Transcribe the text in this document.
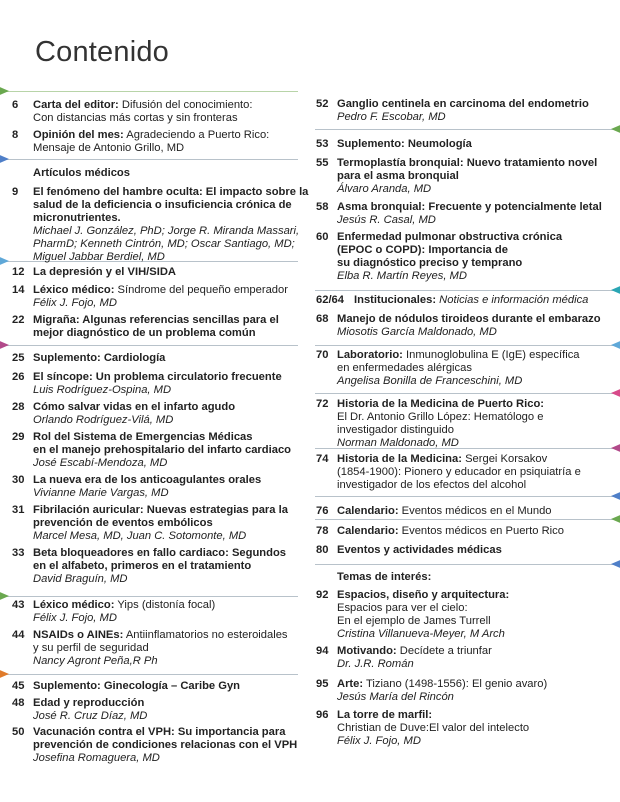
Contenido
6 Carta del editor: Difusión del conocimiento:
Con distancias más cortas y sin fronteras
8 Opinión del mes: Agradeciendo a Puerto Rico:
Mensaje de Antonio Grillo, MD
Artículos médicos
9 El fenómeno del hambre oculta: El impacto sobre la
salud de la deficiencia o insuficiencia crónica de
micronutrientes.
Michael J. González, PhD; Jorge R. Miranda Massari,
PharmD; Kenneth Cintrón, MD; Oscar Santiago, MD;
Miguel Jabbar Berdiel, MD
12 La depresión y el VIH/SIDA
14 Léxico médico: Síndrome del pequeño emperador
Félix J. Fojo, MD
22 Migraña: Algunas referencias sencillas para el
mejor diagnóstico de un problema común
25 Suplemento: Cardiología
26 El síncope: Un problema circulatorio frecuente
Luis Rodríguez-Ospina, MD
28 Cómo salvar vidas en el infarto agudo
Orlando Rodríguez-Vilá, MD
29 Rol del Sistema de Emergencias Médicas
en el manejo prehospitalario del infarto cardiaco
José Escabí-Mendoza, MD
30 La nueva era de los anticoagulantes orales
Vivianne Marie Vargas, MD
31 Fibrilación auricular: Nuevas estrategias para la
prevención de eventos embólicos
Marcel Mesa, MD, Juan C. Sotomonte, MD
33 Beta bloqueadores en fallo cardiaco: Segundos
en el alfabeto, primeros en el tratamiento
David Braguín, MD
43 Léxico médico: Yips (distonía focal)
Félix J. Fojo, MD
44 NSAIDs o AINEs: Antiinflamatorios no esteroidales
y su perfil de seguridad
Nancy Agront Peña,R Ph
45 Suplemento: Ginecología – Caribe Gyn
48 Edad y reproducción
José R. Cruz Díaz, MD
50 Vacunación contra el VPH: Su importancia para
prevención de condiciones relacionas con el VPH
Josefina Romaguera, MD
52 Ganglio centinela en carcinoma del endometrio
Pedro F. Escobar, MD
53 Suplemento: Neumología
55 Termoplastía bronquial: Nuevo tratamiento novel
para el asma bronquial
Álvaro Aranda, MD
58 Asma bronquial: Frecuente y potencialmente letal
Jesús R. Casal, MD
60 Enfermedad pulmonar obstructiva crónica
(EPOC o COPD): Importancia de
su diagnóstico preciso y temprano
Elba R. Martín Reyes, MD
62/64 Institucionales: Noticias e información médica
68 Manejo de nódulos tiroideos durante el embarazo
Miosotis García Maldonado, MD
70 Laboratorio: Inmunoglobulina E (IgE) específica
en enfermedades alérgicas
Angelisa Bonilla de Franceschini, MD
72 Historia de la Medicina de Puerto Rico:
El Dr. Antonio Grillo López: Hematólogo e
investigador distinguido
Norman Maldonado, MD
74 Historia de la Medicina: Sergei Korsakov
(1854-1900): Pionero y educador en psiquiatría e
investigador de los efectos del alcohol
76 Calendario: Eventos médicos en el Mundo
78 Calendario: Eventos médicos en Puerto Rico
80 Eventos y actividades médicas
Temas de interés:
92 Espacios, diseño y arquitectura:
Espacios para ver el cielo:
En el ejemplo de James Turrell
Cristina Villanueva-Meyer, M Arch
94 Motivando: Decídete a triunfar
Dr. J.R. Román
95 Arte: Tiziano (1498-1556): El genio avaro)
Jesús María del Rincón
96 La torre de marfil:
Christian de Duve:El valor del intelecto
Félix J. Fojo, MD
